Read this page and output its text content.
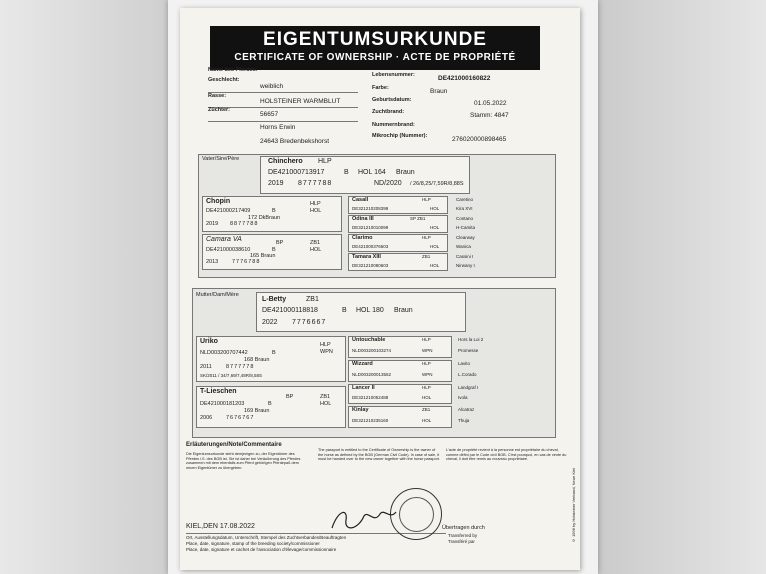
EIGENTUMSURKUNDE
CERTIFICATE OF OWNERSHIP · ACTE DE PROPRIÉTÉ
Name des Pferdes:
Geschlecht:
weiblich
Rasse:
HOLSTEINER WARMBLUT
Züchter:
56657
Horns Erwin
24643 Bredenbekshorst
Lebensnummer:	DE421000160822
Farbe:	Braun
Geburtsdatum:	01.05.2022
Zuchtbrand:	Stamm: 4847
Nummernbrand:
Mikrochip (Nummer):	276020000898465
Vater/Sire/Père	Chinchero HLP
DE421000713917	B HOL 164 Braun
2019 8777788	ND/2020 / 26/8,25/7,59R/8,88S
Chopin	HLP
HOL
DE421000217409	B
172 DkBraun
2019 8877788
Camara VA	BP	ZB1
HOL
DE421000038610	B
165 Braun
2013	7776788
Casall	HLP
DE321210208399	HOL
Odina III	SP ZB1
DE321210010099	HOL
Clarimo	HLP
DE421000376603	HOL
Tamara XIII	ZB1
DE321210080603	HOL
Caretino
Kira XVI
Contano
H-Camita
Clearway
Wanica
Cassini I
Nirwany I
Mutter/Dam/Mère
L-Betty	ZB1
DE421000118818	B HOL 180 Braun
2022 7776667
Uriko	HLP
WPN
NLD003200707442	B
168 Braun
2011	8777778
SK/2011 / 34/7,69/7,48R/8,58S
T-Lieschen
BP	ZB1
HOL
DE421000181203	B
169 Braun
2006	7676767
Untouchable	HLP
NLD003200103274	WPN
Wizzard	HLP
NLD003200013552	WPN
Lancer II	HLP
DE321210052488	HOL
Kinlay	ZB1
DE321210235160	HOL
Hors la Loi 2
Promesse
Lavito
L.Corado
Landgraf I
Ivola
Alcatraz
Thuja
Erläuterungen/Note/Commentaire
Die Eigentumsurkunde steht demjenigen zu, der Eigentümer des Pferdes i.S. des BGB ist. Sie ist daher bei Veräußerung des Pferdes zusammen mit dem ebenfalls zum Pferd gehörigen Pferdepaß dem neuen Eigentümer zu übergeben.
The passport is entitled to the Certificate of Ownership is the owner of the horse as defined by the BGB (German Civil Code). In case of sale, it must be handed over to the new owner together with the horse passport.
L'acte de propriété revient à la personne est propriétaire du cheval, comme défini par le Code civil BGB. C'est pourquoi, en cas de vente du cheval, il doit être remis au nouveau propriétaire.
KIEL,DEN 17.08.2022
Ort, Ausstellungsdatum, Unterschrift, Stempel des Zuchtverbandes/Beauftragten
Place, date, signature, stamp of the breeding society/commissioner
Place, date, signature et cachet de l'association d'élevage/commissionnaire
Übertragen durch
Transferred by
Transféré par	© 1996 by Holsteiner Verband, Neue Kiel
